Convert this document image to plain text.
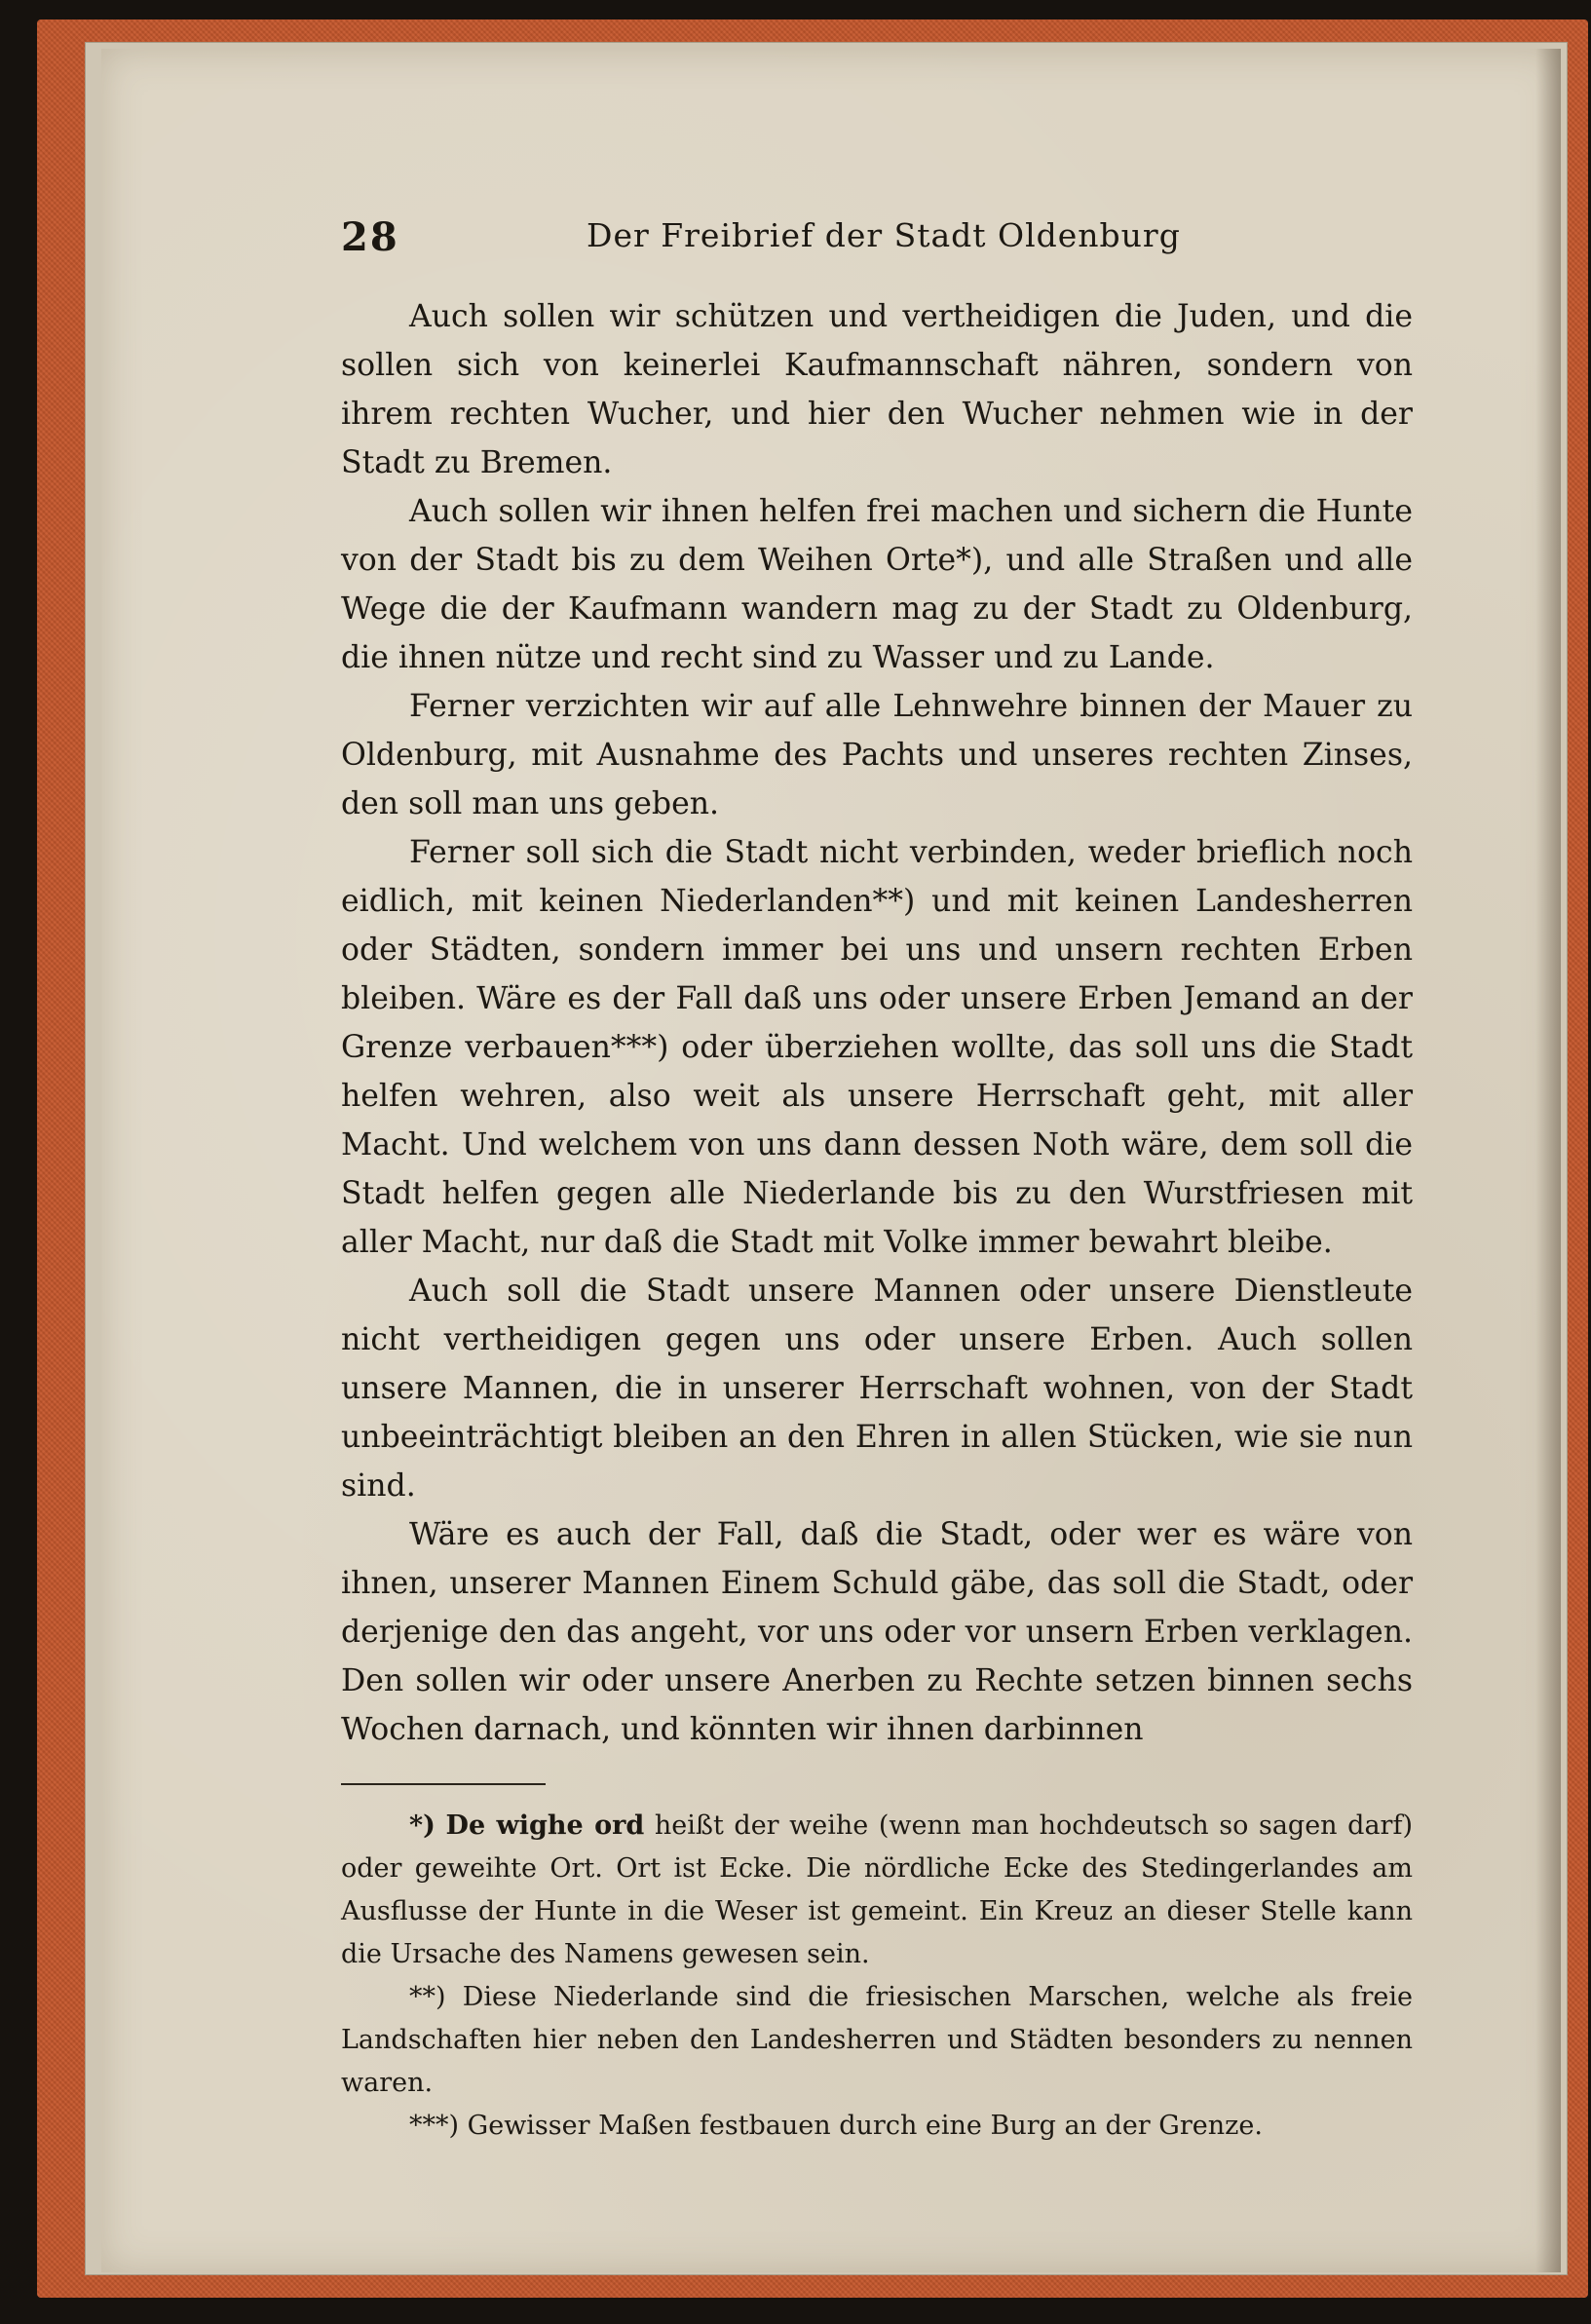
28	Der Freibrief der Stadt Oldenburg

Auch sollen wir schützen und vertheidigen die Juden, und die sollen sich von keinerlei Kaufmannschaft nähren, sondern von ihrem rechten Wucher, und hier den Wucher nehmen wie in der Stadt zu Bremen.

Auch sollen wir ihnen helfen frei machen und sichern die Hunte von der Stadt bis zu dem Weihen Orte*), und alle Straßen und alle Wege die der Kaufmann wandern mag zu der Stadt zu Oldenburg, die ihnen nütze und recht sind zu Wasser und zu Lande.

Ferner verzichten wir auf alle Lehnwehre binnen der Mauer zu Oldenburg, mit Ausnahme des Pachts und unseres rechten Zinses, den soll man uns geben.

Ferner soll sich die Stadt nicht verbinden, weder brieflich noch eidlich, mit keinen Niederlanden**) und mit keinen Landesherren oder Städten, sondern immer bei uns und unsern rechten Erben bleiben. Wäre es der Fall daß uns oder unsere Erben Jemand an der Grenze verbauen***) oder überziehen wollte, das soll uns die Stadt helfen wehren, also weit als unsere Herrschaft geht, mit aller Macht. Und welchem von uns dann dessen Noth wäre, dem soll die Stadt helfen gegen alle Niederlande bis zu den Wurstfriesen mit aller Macht, nur daß die Stadt mit Volke immer bewahrt bleibe.

Auch soll die Stadt unsere Mannen oder unsere Dienstleute nicht vertheidigen gegen uns oder unsere Erben. Auch sollen unsere Mannen, die in unserer Herrschaft wohnen, von der Stadt unbeeinträchtigt bleiben an den Ehren in allen Stücken, wie sie nun sind.

Wäre es auch der Fall, daß die Stadt, oder wer es wäre von ihnen, unserer Mannen Einem Schuld gäbe, das soll die Stadt, oder derjenige den das angeht, vor uns oder vor unsern Erben verklagen. Den sollen wir oder unsere Anerben zu Rechte setzen binnen sechs Wochen darnach, und könnten wir ihnen darbinnen

*) De wighe ord heißt der weihe (wenn man hochdeutsch so sagen darf) oder geweihte Ort. Ort ist Ecke. Die nördliche Ecke des Stedingerlandes am Ausflusse der Hunte in die Weser ist gemeint. Ein Kreuz an dieser Stelle kann die Ursache des Namens gewesen sein.

**) Diese Niederlande sind die friesischen Marschen, welche als freie Landschaften hier neben den Landesherren und Städten besonders zu nennen waren.

***) Gewisser Maßen festbauen durch eine Burg an der Grenze.
